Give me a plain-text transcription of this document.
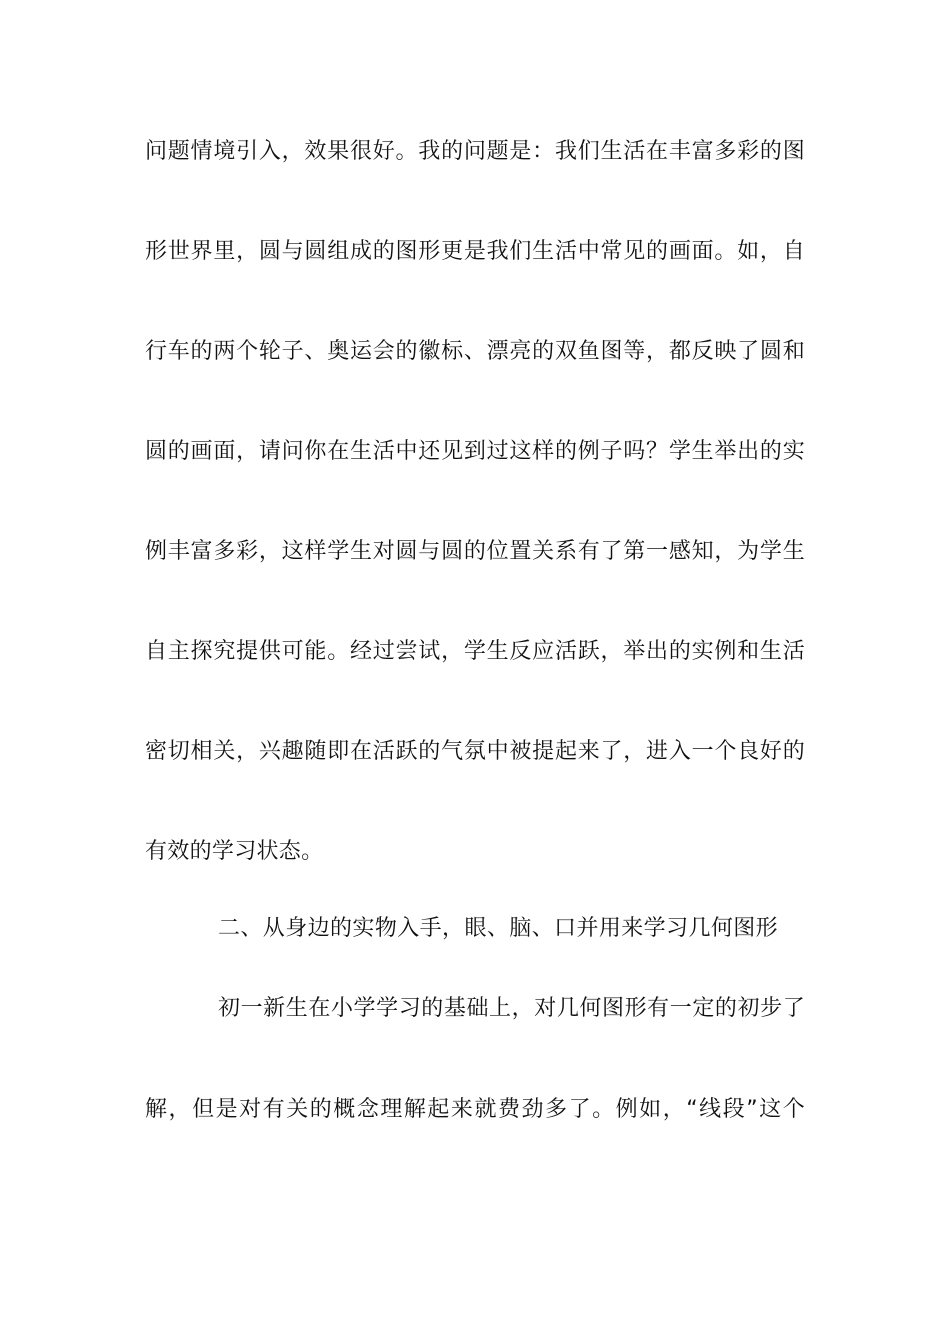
问题情境引入，效果很好。我的问题是：我们生活在丰富多彩的图
形世界里，圆与圆组成的图形更是我们生活中常见的画面。如，自
行车的两个轮子、奥运会的徽标、漂亮的双鱼图等，都反映了圆和
圆的画面，请问你在生活中还见到过这样的例子吗？学生举出的实
例丰富多彩，这样学生对圆与圆的位置关系有了第一感知，为学生
自主探究提供可能。经过尝试，学生反应活跃，举出的实例和生活
密切相关，兴趣随即在活跃的气氛中被提起来了，进入一个良好的
有效的学习状态。
二、从身边的实物入手，眼、脑、口并用来学习几何图形
初一新生在小学学习的基础上，对几何图形有一定的初步了
解，但是对有关的概念理解起来就费劲多了。例如，“线段”这个
